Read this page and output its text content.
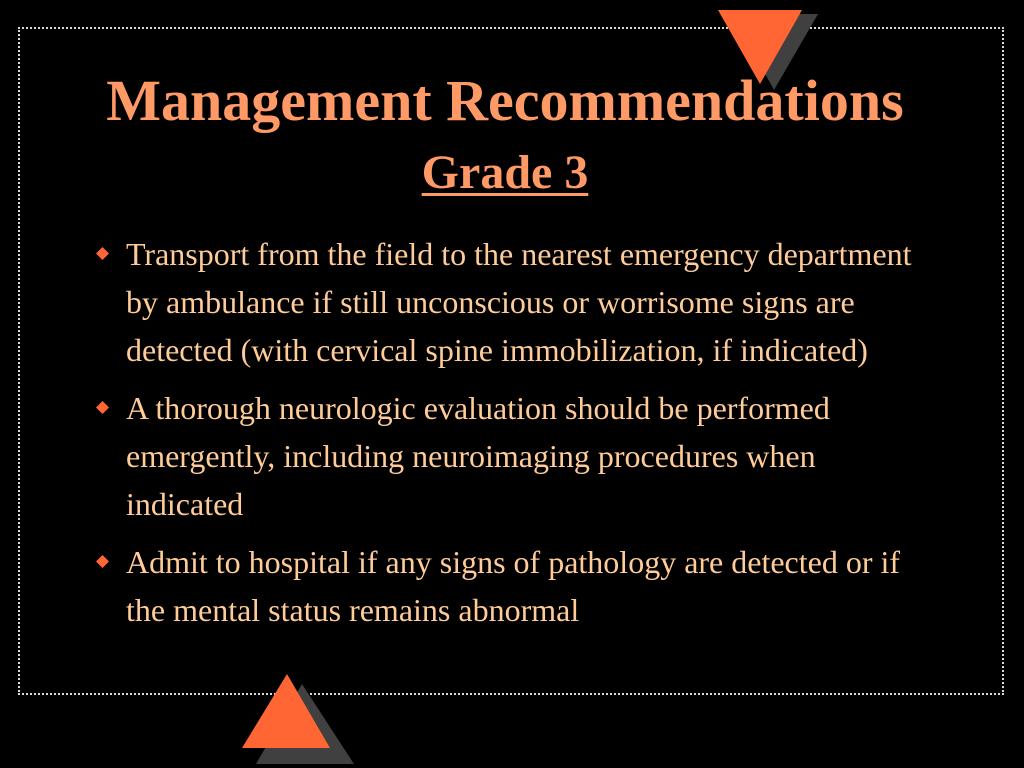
Management Recommendations
Grade 3
Transport from the field to the nearest emergency department by ambulance if still unconscious or worrisome signs are detected (with cervical spine immobilization, if indicated)
A thorough neurologic evaluation should be performed emergently, including neuroimaging procedures when indicated
Admit to hospital if any signs of pathology are detected or if the mental status remains abnormal
